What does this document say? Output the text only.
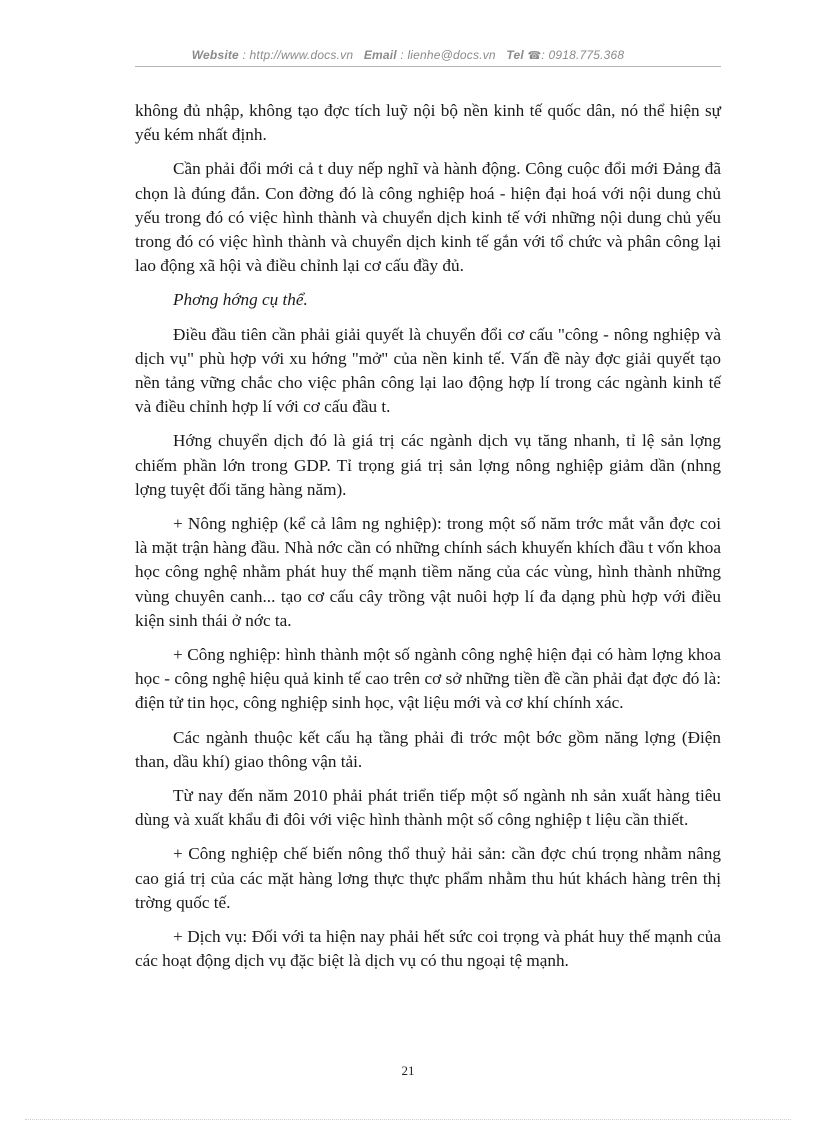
Website : http://www.docs.vn Email : lienhe@docs.vn Tel ☎: 0918.775.368

không đủ nhập, không tạo đợc tích luỹ nội bộ nền kinh tế quốc dân, nó thể hiện sự yếu kém nhất định.

Cần phải đổi mới cả t duy nếp nghĩ và hành động. Công cuộc đổi mới Đảng đã chọn là đúng đắn. Con đờng đó là công nghiệp hoá - hiện đại hoá với nội dung chủ yếu trong đó có việc hình thành và chuyển dịch kinh tế với những nội dung chủ yếu trong đó có việc hình thành và chuyển dịch kinh tế gắn với tổ chức và phân công lại lao động xã hội và điều chỉnh lại cơ cấu đầy đủ.

Phơng hớng cụ thể.

Điều đầu tiên cần phải giải quyết là chuyển đổi cơ cấu "công - nông nghiệp và dịch vụ" phù hợp với xu hớng "mở" của nền kinh tế. Vấn đề này đợc giải quyết tạo nền tảng vững chắc cho việc phân công lại lao động hợp lí trong các ngành kinh tế và điều chỉnh hợp lí với cơ cấu đầu t.

Hớng chuyển dịch đó là giá trị các ngành dịch vụ tăng nhanh, tỉ lệ sản lợng chiếm phần lớn trong GDP. Tỉ trọng giá trị sản lợng nông nghiệp giảm dần (nhng lợng tuyệt đối tăng hàng năm).

+ Nông nghiệp (kể cả lâm ng nghiệp): trong một số năm trớc mắt vẫn đợc coi là mặt trận hàng đầu. Nhà nớc cần có những chính sách khuyến khích đầu t vốn khoa học công nghệ nhằm phát huy thế mạnh tiềm năng của các vùng, hình thành những vùng chuyên canh... tạo cơ cấu cây trồng vật nuôi hợp lí đa dạng phù hợp với điều kiện sinh thái ở nớc ta.

+ Công nghiệp: hình thành một số ngành công nghệ hiện đại có hàm lợng khoa học - công nghệ hiệu quả kinh tế cao trên cơ sở những tiền đề cần phải đạt đợc đó là: điện tử tin học, công nghiệp sinh học, vật liệu mới và cơ khí chính xác.

Các ngành thuộc kết cấu hạ tầng phải đi trớc một bớc gồm năng lợng (Điện than, dầu khí) giao thông vận tải.

Từ nay đến năm 2010 phải phát triển tiếp một số ngành nh sản xuất hàng tiêu dùng và xuất khẩu đi đôi với việc hình thành một số công nghiệp t liệu cần thiết.

+ Công nghiệp chế biến nông thổ thuỷ hải sản: cần đợc chú trọng nhằm nâng cao giá trị của các mặt hàng lơng thực thực phẩm nhằm thu hút khách hàng trên thị trờng quốc tế.

+ Dịch vụ: Đối với ta hiện nay phải hết sức coi trọng và phát huy thế mạnh của các hoạt động dịch vụ đặc biệt là dịch vụ có thu ngoại tệ mạnh.

21
